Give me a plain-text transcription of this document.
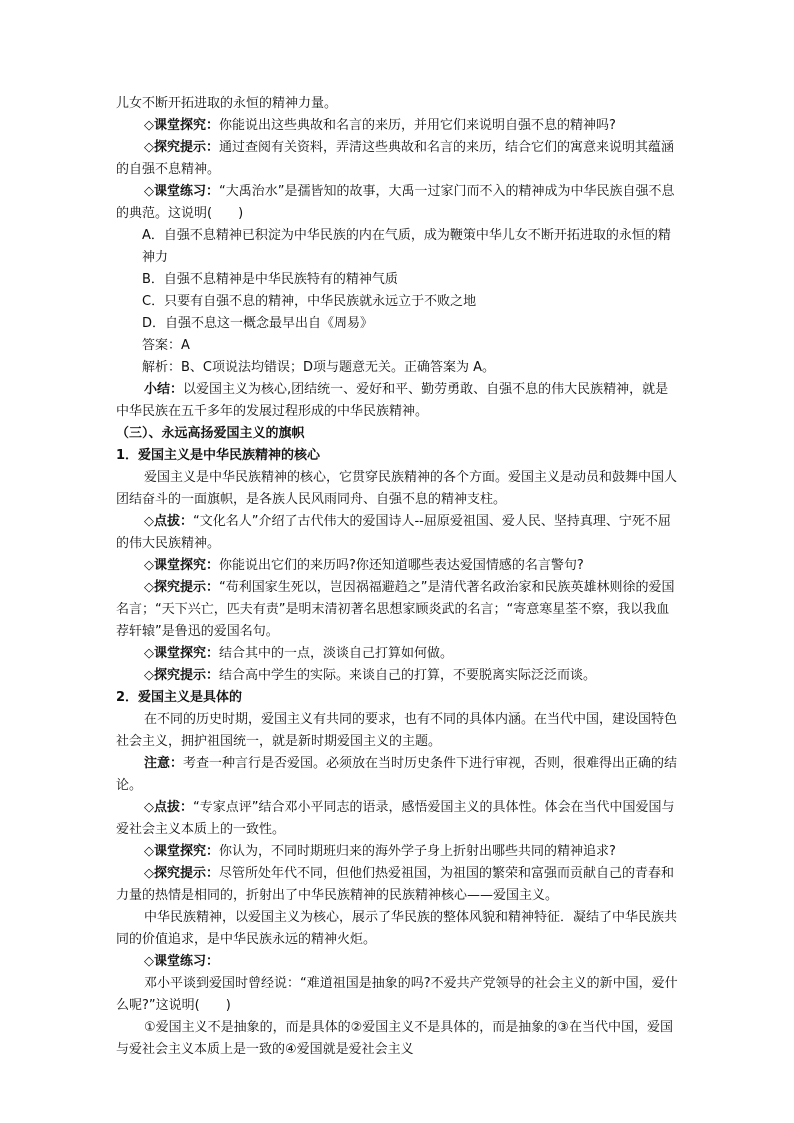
儿女不断开拓进取的永恒的精神力量。
◇课堂探究：你能说出这些典故和名言的来历，并用它们来说明自强不息的精神吗?
◇探究提示：通过查阅有关资料，弄清这些典故和名言的来历，结合它们的寓意来说明其蕴涵的自强不息精神。
◇课堂练习：“大禹治水”是孺皆知的故事，大禹一过家门而不入的精神成为中华民族自强不息的典范。这说明(　　)
A．自强不息精神已积淀为中华民族的内在气质，成为鞭策中华儿女不断开拓进取的永恒的精神力
B．自强不息精神是中华民族特有的精神气质
C．只要有自强不息的精神，中华民族就永远立于不败之地
D．自强不息这一概念最早出自《周易》
答案：A
解析：B、C项说法均错误；D项与题意无关。正确答案为 A。
小结：以爱国主义为核心,团结统一、爱好和平、勤劳勇敢、自强不息的伟大民族精神，就是中华民族在五千多年的发展过程形成的中华民族精神。
（三）、永远高扬爱国主义的旗帜
1．爱国主义是中华民族精神的核心
爱国主义是中华民族精神的核心，它贯穿民族精神的各个方面。爱国主义是动员和鼓舞中国人团结奋斗的一面旗帜，是各族人民风雨同舟、自强不息的精神支柱。
◇点拔：“文化名人”介绍了古代伟大的爱国诗人--屈原爱祖国、爱人民、坚持真理、宁死不屈的伟大民族精神。
◇课堂探究：你能说出它们的来历吗?你还知道哪些表达爱国情感的名言警句?
◇探究提示：“苟利国家生死以，岂因祸福避趋之”是清代著名政治家和民族英雄林则徐的爱国名言；“天下兴亡，匹夫有责”是明末清初著名思想家顾炎武的名言；“寄意寒星荃不察，我以我血荐轩辕”是鲁迅的爱国名句。
◇课堂探究：结合其中的一点，淡谈自己打算如何做。
◇探究提示：结合高中学生的实际。来谈自己的打算，不要脱离实际泛泛而谈。
2．爱国主义是具体的
在不同的历史时期，爱国主义有共同的要求，也有不同的具体内涵。在当代中国，建设国特色社会主义，拥护祖国统一，就是新时期爱国主义的主题。
注意：考查一种言行是否爱国。必须放在当时历史条件下进行审视，否则，很难得出正确的结论。
◇点拔：“专家点评”结合邓小平同志的语录，感悟爱国主义的具体性。体会在当代中国爱国与爱社会主义本质上的一致性。
◇课堂探究：你认为，不同时期班归来的海外学子身上折射出哪些共同的精神追求?
◇探究提示：尽管所处年代不同，但他们热爱祖国，为祖国的繁荣和富强而贡献自己的青春和力量的热情是相同的，折射出了中华民族精神的民族精神核心——爱国主义。
中华民族精神，以爱国主义为核心，展示了华民族的整体风貌和精神特征．凝结了中华民族共同的价值追求，是中华民族永远的精神火炬。
◇课堂练习：
邓小平谈到爱国时曾经说：“难道祖国是抽象的吗?不爱共产党领导的社会主义的新中国，爱什么呢?”这说明(　　)
①爱国主义不是抽象的，而是具体的②爱国主义不是具体的，而是抽象的③在当代中国，爱国与爱社会主义本质上是一致的④爱国就是爱社会主义
